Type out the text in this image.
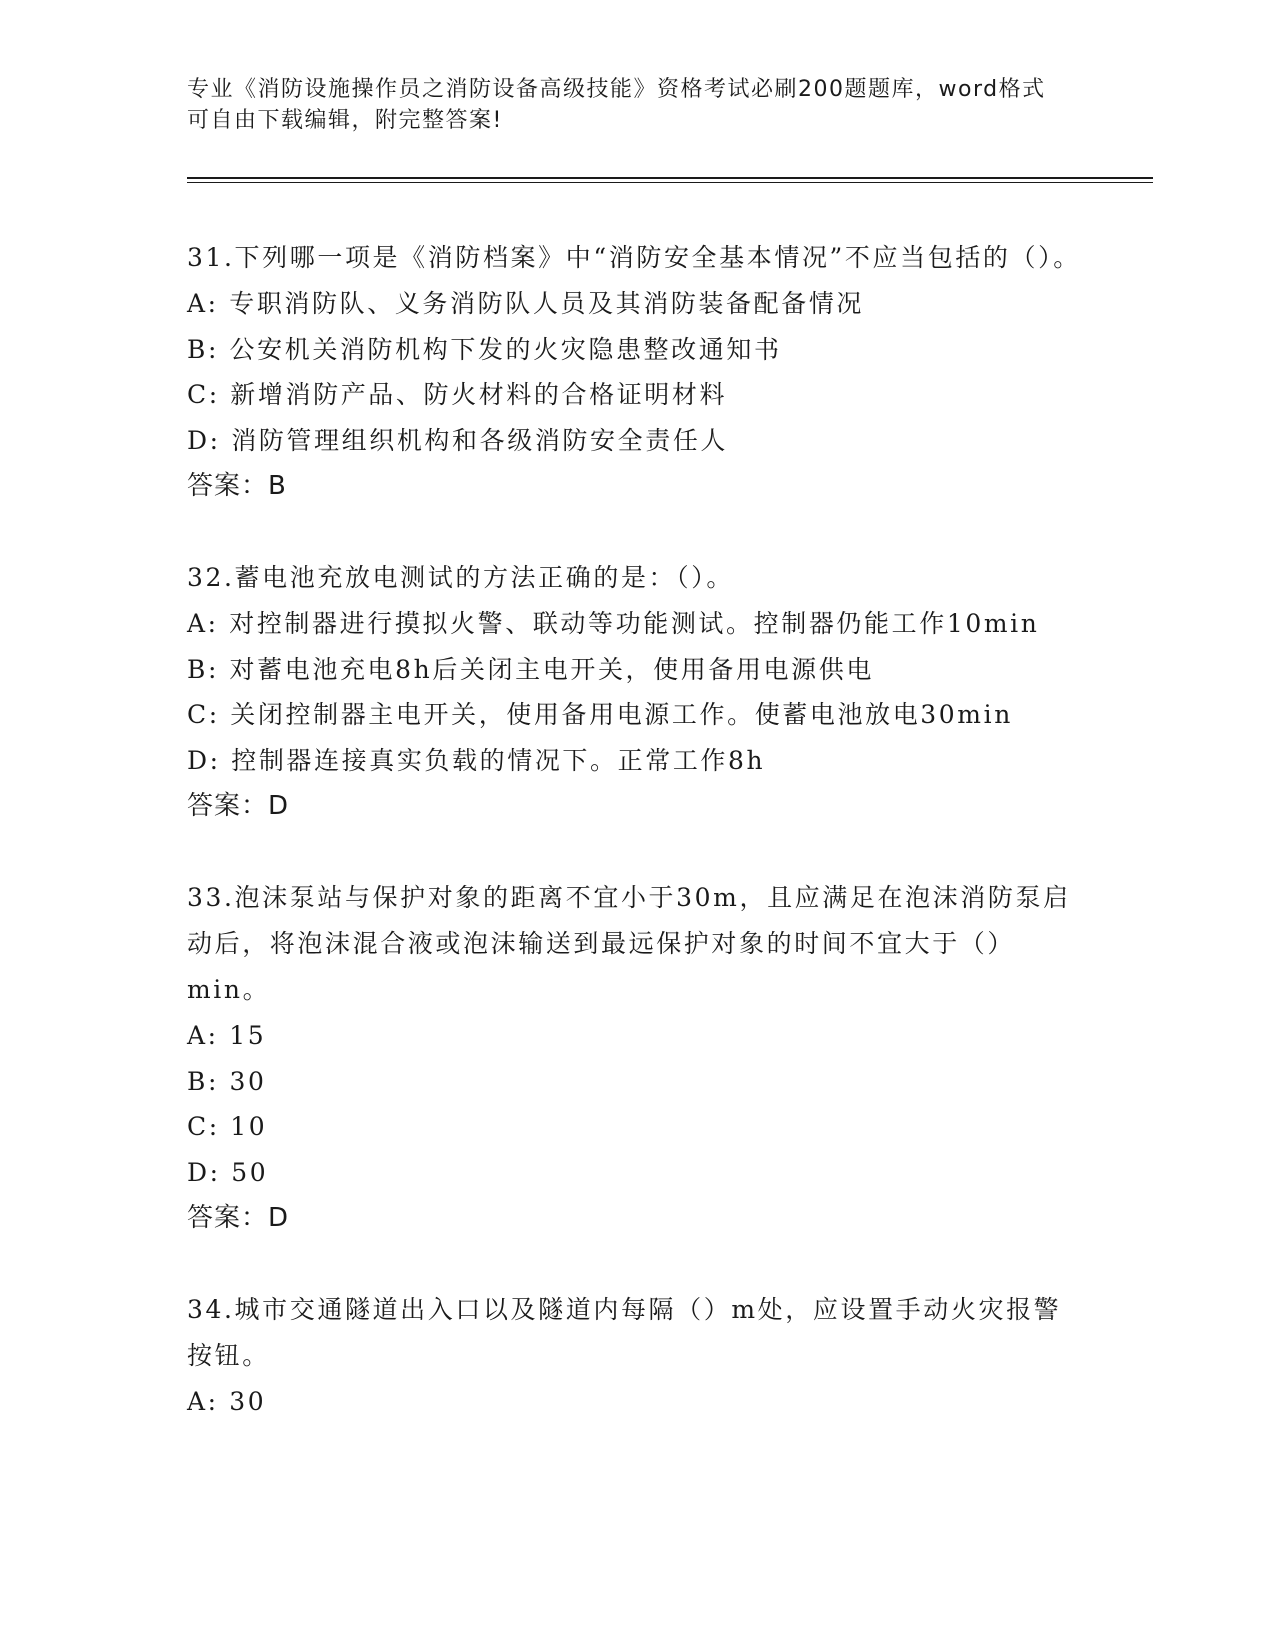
专业《消防设施操作员之消防设备高级技能》资格考试必刷200题题库，word格式可自由下载编辑，附完整答案!
31.下列哪一项是《消防档案》中“消防安全基本情况”不应当包括的（）。
A: 专职消防队、义务消防队人员及其消防装备配备情况
B: 公安机关消防机构下发的火灾隐患整改通知书
C: 新增消防产品、防火材料的合格证明材料
D: 消防管理组织机构和各级消防安全责任人
答案：B
32.蓄电池充放电测试的方法正确的是：（）。
A: 对控制器进行摸拟火警、联动等功能测试。控制器仍能工作10min
B: 对蓄电池充电8h后关闭主电开关，使用备用电源供电
C: 关闭控制器主电开关，使用备用电源工作。使蓄电池放电30min
D: 控制器连接真实负载的情况下。正常工作8h
答案：D
33.泡沫泵站与保护对象的距离不宜小于30m，且应满足在泡沫消防泵启动后，将泡沫混合液或泡沫输送到最远保护对象的时间不宜大于（）min。
A: 15
B: 30
C: 10
D: 50
答案：D
34.城市交通隧道出入口以及隧道内每隔（）m处，应设置手动火灾报警按钮。
A: 30
